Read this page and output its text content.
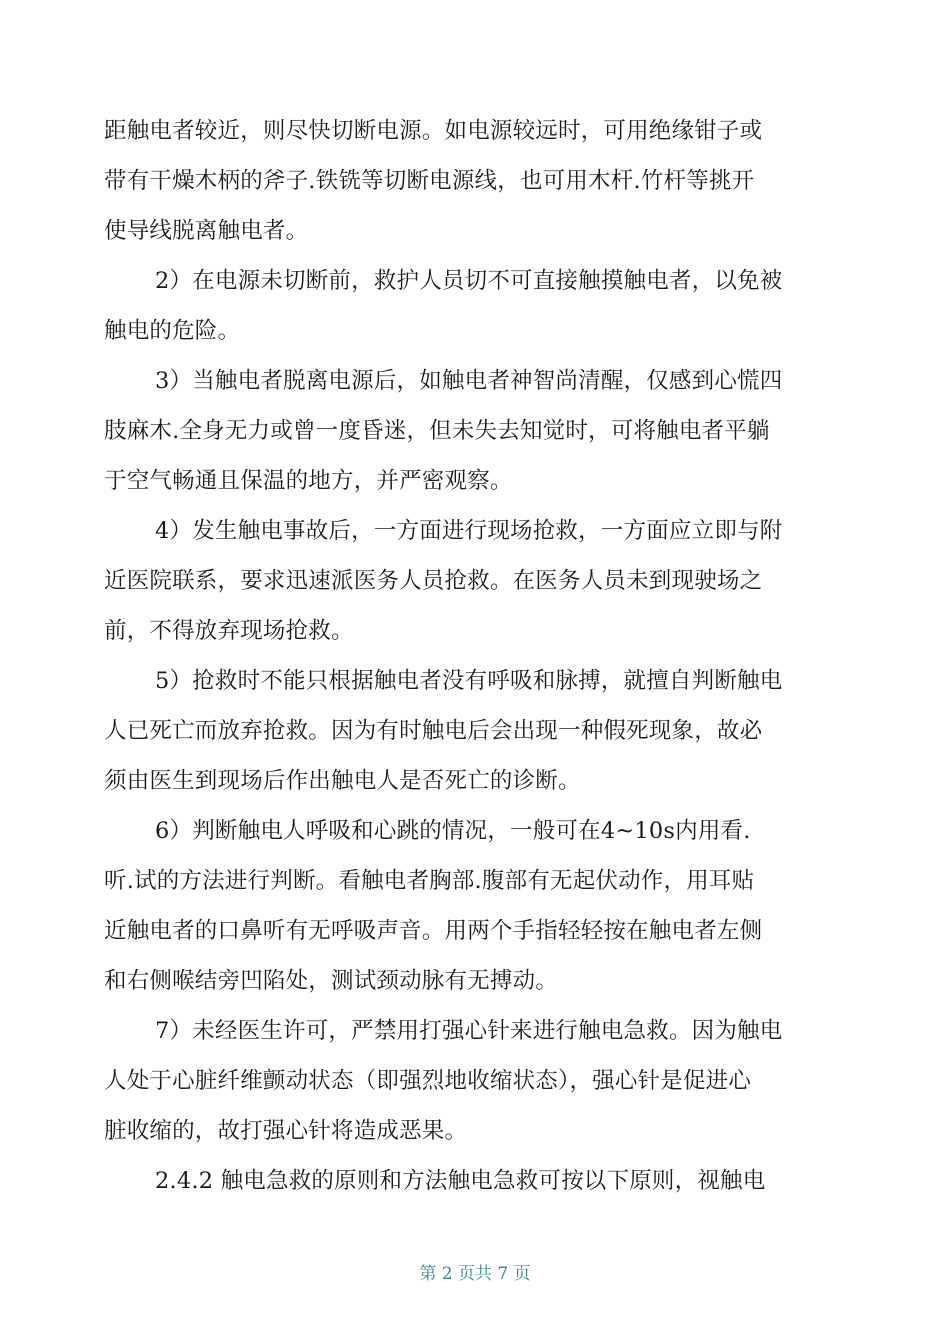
距触电者较近，则尽快切断电源。如电源较远时，可用绝缘钳子或
带有干燥木柄的斧子.铁铣等切断电源线，也可用木杆.竹杆等挑开
使导线脱离触电者。
2）在电源未切断前，救护人员切不可直接触摸触电者，以免被
触电的危险。
3）当触电者脱离电源后，如触电者神智尚清醒，仅感到心慌四
肢麻木.全身无力或曾一度昏迷，但未失去知觉时，可将触电者平躺
于空气畅通且保温的地方，并严密观察。
4）发生触电事故后，一方面进行现场抢救，一方面应立即与附
近医院联系，要求迅速派医务人员抢救。在医务人员未到现驶场之
前，不得放弃现场抢救。
5）抢救时不能只根据触电者没有呼吸和脉搏，就擅自判断触电
人已死亡而放弃抢救。因为有时触电后会出现一种假死现象，故必
须由医生到现场后作出触电人是否死亡的诊断。
6）判断触电人呼吸和心跳的情况，一般可在4~10s内用看.
听.试的方法进行判断。看触电者胸部.腹部有无起伏动作，用耳贴
近触电者的口鼻听有无呼吸声音。用两个手指轻轻按在触电者左侧
和右侧喉结旁凹陷处，测试颈动脉有无搏动。
7）未经医生许可，严禁用打强心针来进行触电急救。因为触电
人处于心脏纤维颤动状态（即强烈地收缩状态），强心针是促进心
脏收缩的，故打强心针将造成恶果。
2.4.2 触电急救的原则和方法触电急救可按以下原则，视触电
第 2 页共 7 页
